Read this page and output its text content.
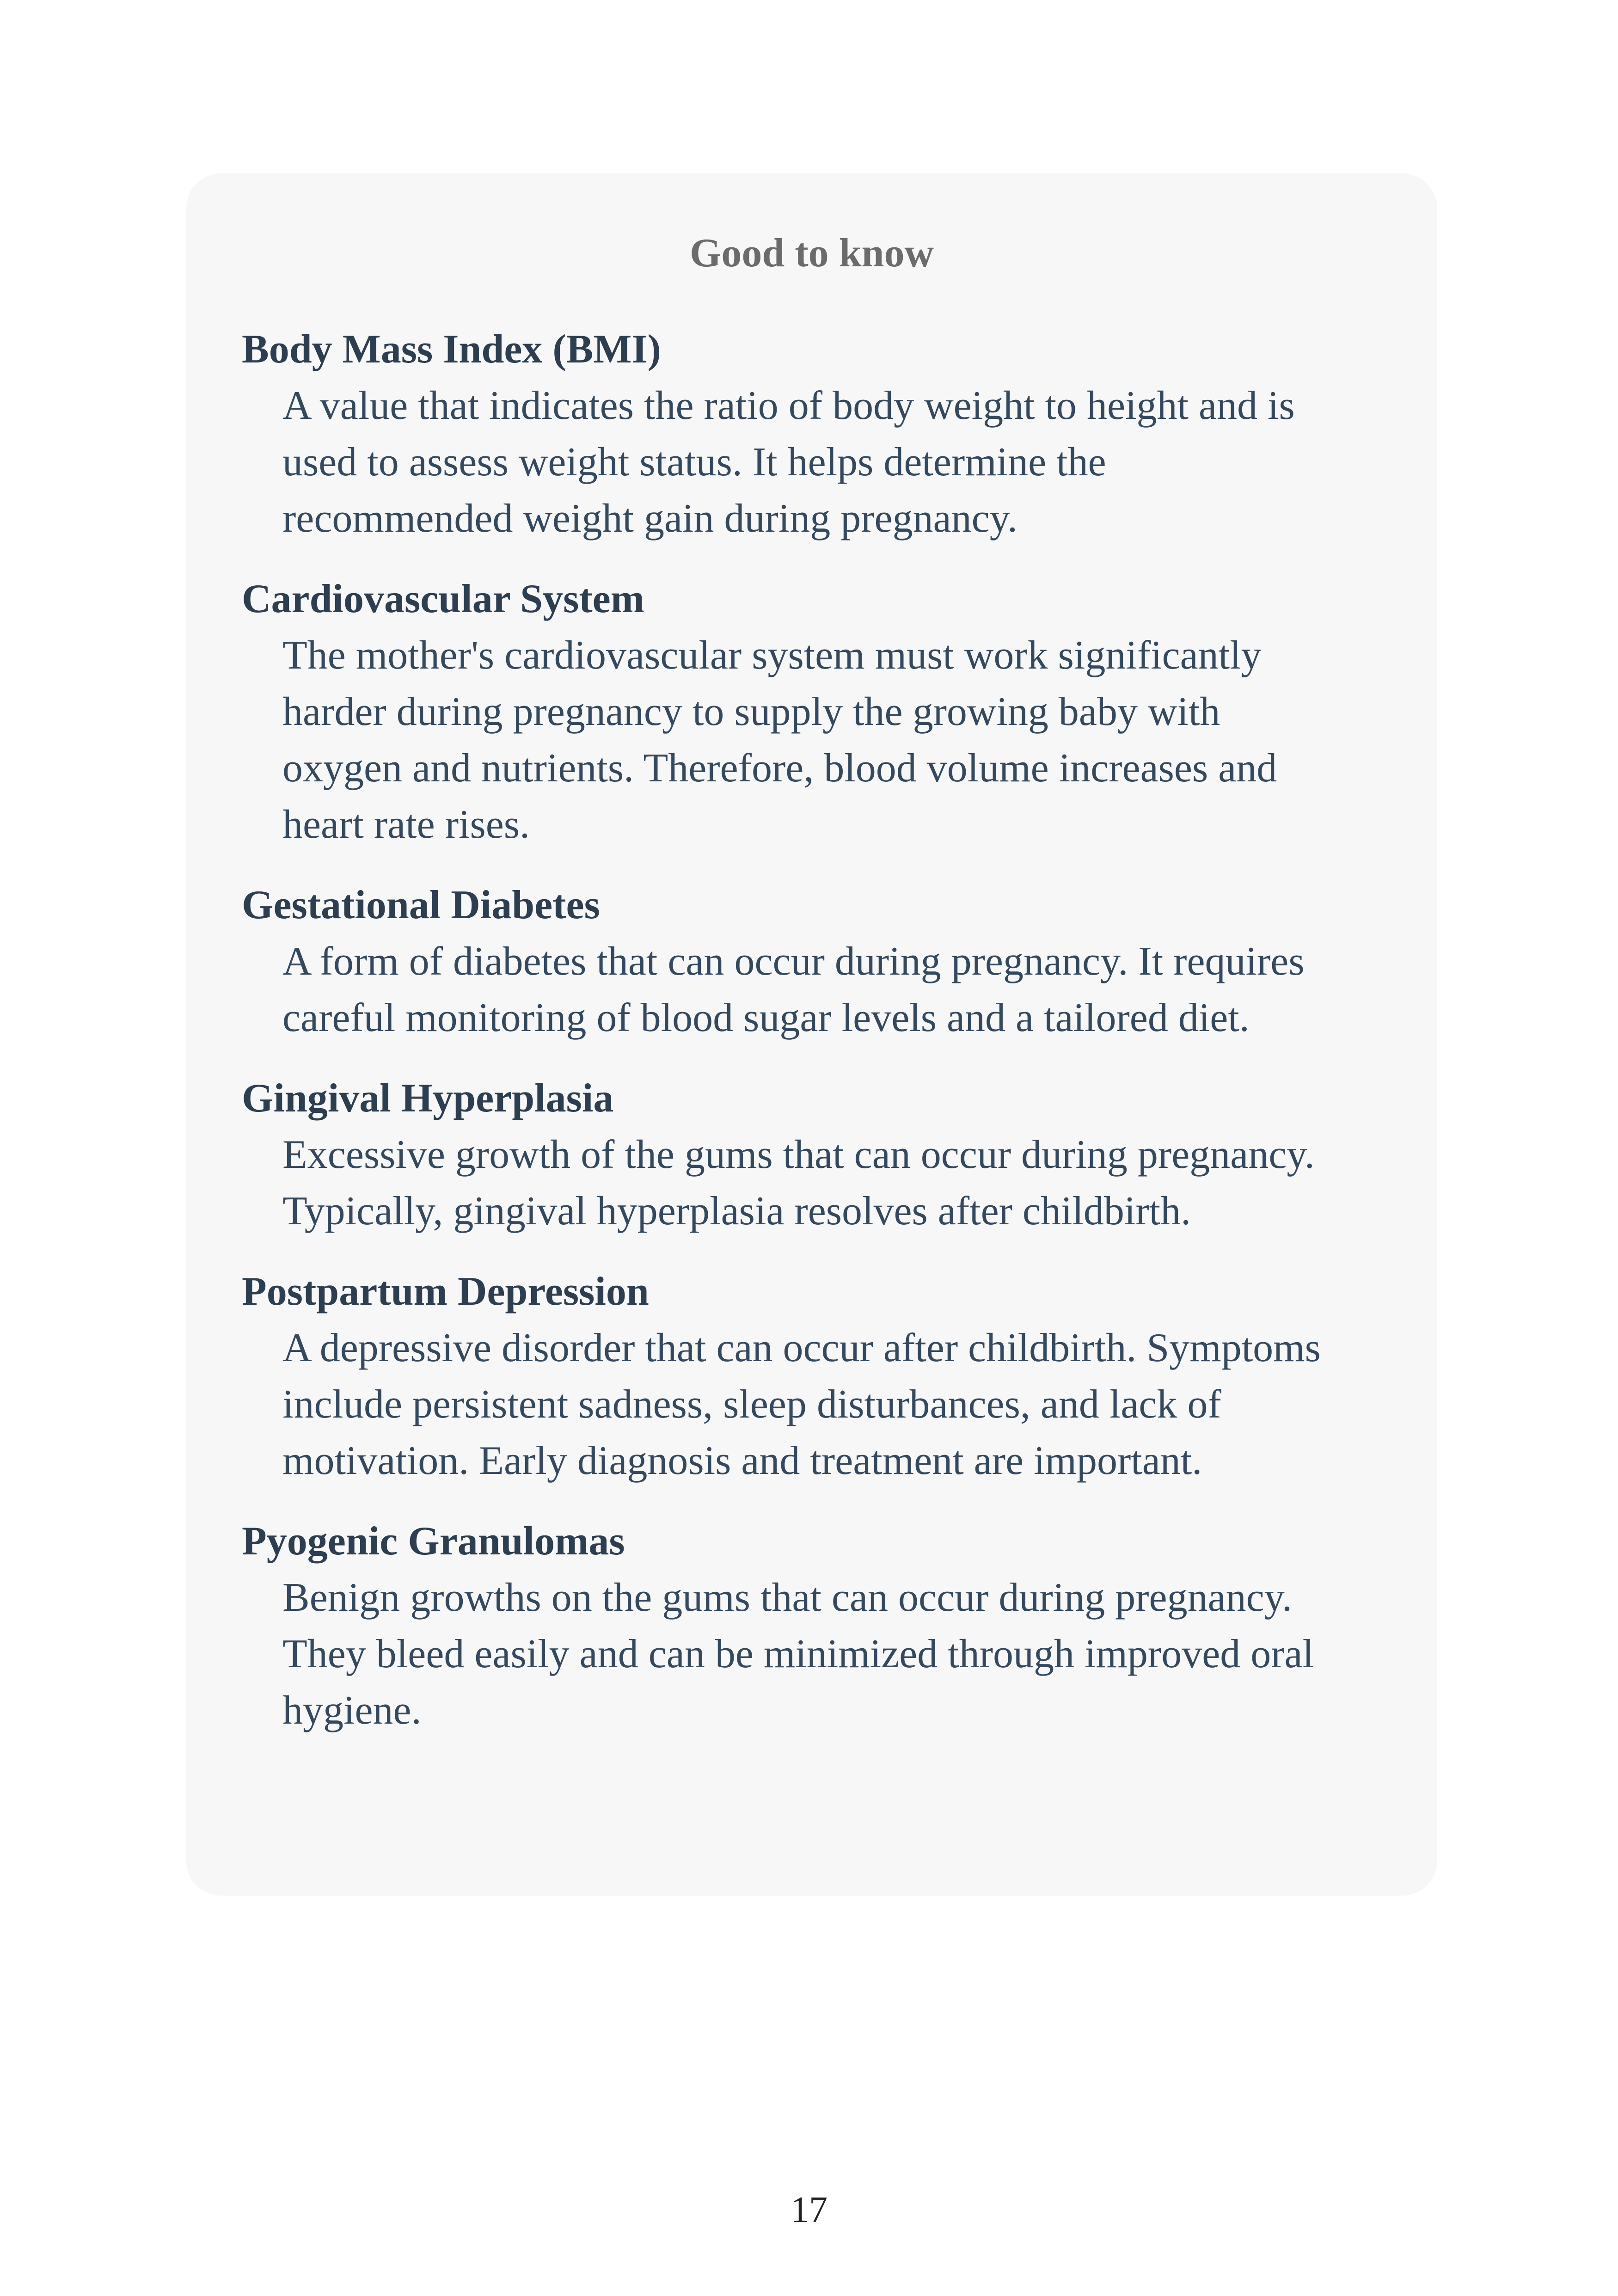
Good to know
Body Mass Index (BMI)
A value that indicates the ratio of body weight to height and is
used to assess weight status. It helps determine the
recommended weight gain during pregnancy.
Cardiovascular System
The mother's cardiovascular system must work significantly
harder during pregnancy to supply the growing baby with
oxygen and nutrients. Therefore, blood volume increases and
heart rate rises.
Gestational Diabetes
A form of diabetes that can occur during pregnancy. It requires
careful monitoring of blood sugar levels and a tailored diet.
Gingival Hyperplasia
Excessive growth of the gums that can occur during pregnancy.
Typically, gingival hyperplasia resolves after childbirth.
Postpartum Depression
A depressive disorder that can occur after childbirth. Symptoms
include persistent sadness, sleep disturbances, and lack of
motivation. Early diagnosis and treatment are important.
Pyogenic Granulomas
Benign growths on the gums that can occur during pregnancy.
They bleed easily and can be minimized through improved oral
hygiene.
17
